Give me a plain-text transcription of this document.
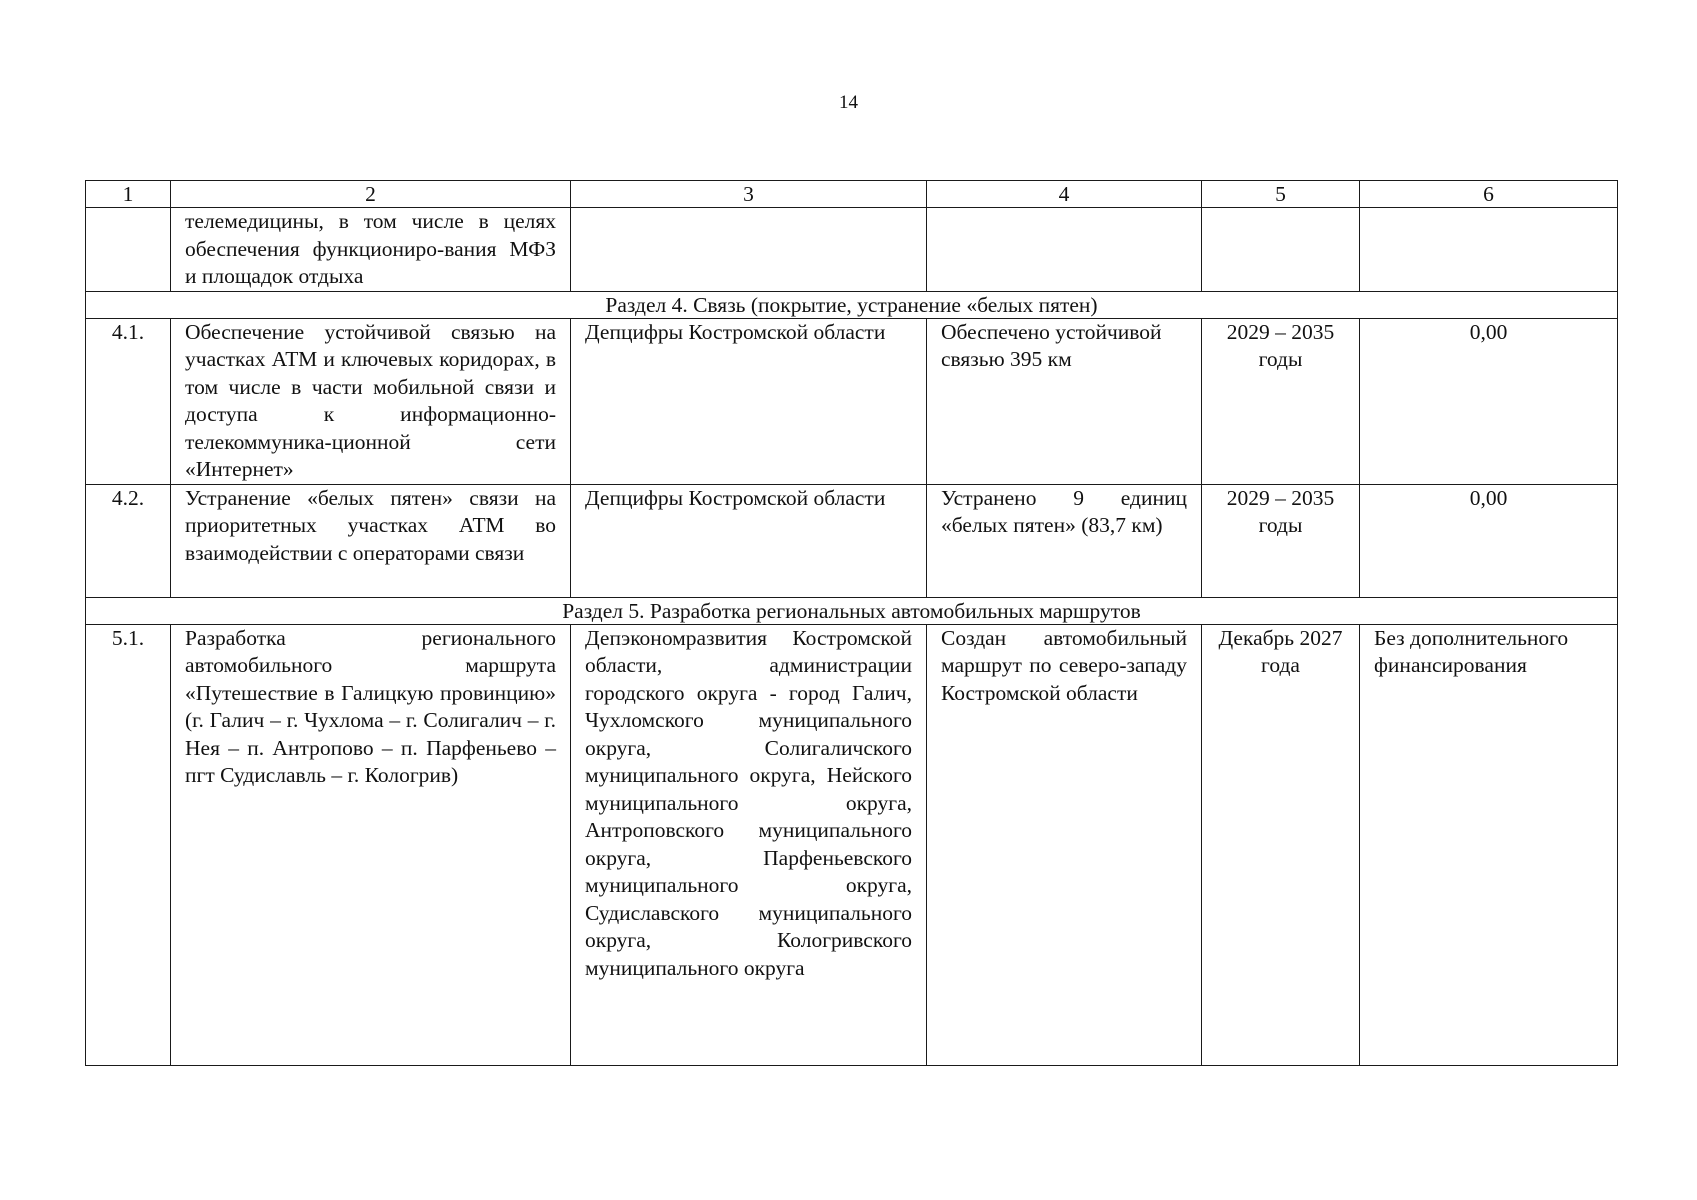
14
1	2	3	4	5	6
	телемедицины, в том числе в целях обеспечения функциониро-вания МФЗ и площадок отдыха				
Раздел 4. Связь (покрытие, устранение «белых пятен)					
4.1.	Обеспечение устойчивой связью на участках АТМ и ключевых коридорах, в том числе в части мобильной связи и доступа к информационно-телекоммуника-ционной сети «Интернет»	Депцифры Костромской области	Обеспечено устойчивой связью 395 км	2029 – 2035 годы	0,00
4.2.	Устранение «белых пятен» связи на приоритетных участках АТМ во взаимодействии с операторами связи	Депцифры Костромской области	Устранено 9 единиц «белых пятен» (83,7 км)	2029 – 2035 годы	0,00
Раздел 5. Разработка региональных автомобильных маршрутов					
5.1.	Разработка регионального автомобильного маршрута «Путешествие в Галицкую провинцию» (г. Галич – г. Чухлома – г. Солигалич – г. Нея – п. Антропово – п. Парфеньево – пгт Судиславль – г. Кологрив)	Депэкономразвития Костромской области, администрации городского округа - город Галич, Чухломского муниципального округа, Солигаличского муниципального округа, Нейского муниципального округа, Антроповского муниципального округа, Парфеньевского муниципального округа, Судиславского муниципального округа, Кологривского муниципального округа	Создан автомобильный маршрут по северо-западу Костромской области	Декабрь 2027 года	Без дополнительного финансирования
